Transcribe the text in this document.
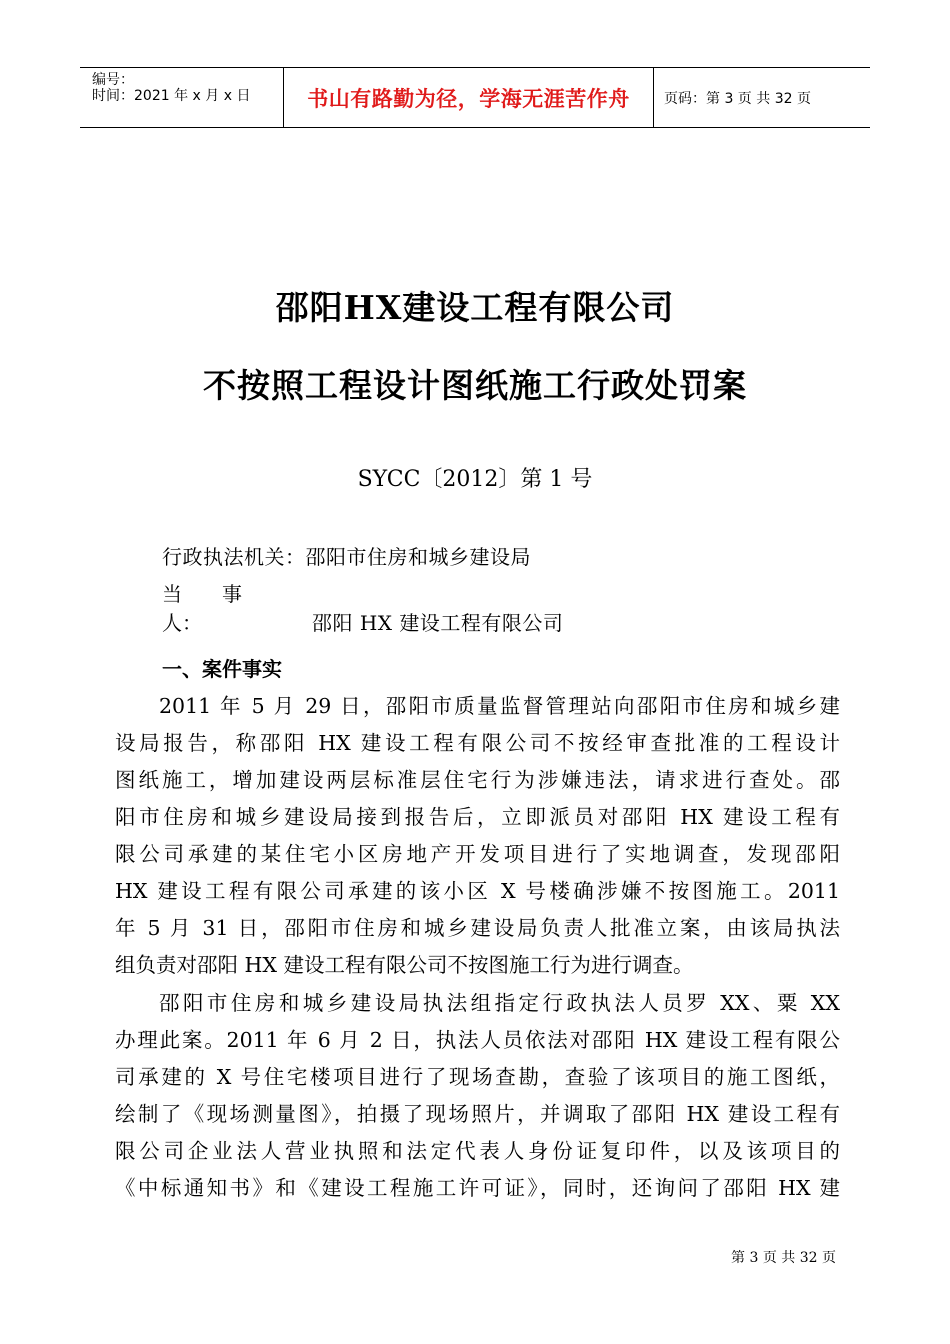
编号：
时间：2021 年 x 月 x 日	书山有路勤为径，学海无涯苦作舟 页码：第 3 页 共 32 页
邵阳HX建设工程有限公司
不按照工程设计图纸施工行政处罚案
SYCC〔2012〕第 1 号
行政执法机关：邵阳市住房和城乡建设局
当　　事　　人：	邵阳 HX 建设工程有限公司
一、案件事实
2011 年 5 月 29 日，邵阳市质量监督管理站向邵阳市住房和城乡建
设局报告，称邵阳 HX 建设工程有限公司不按经审查批准的工程设计
图纸施工，增加建设两层标准层住宅行为涉嫌违法，请求进行查处。邵
阳市住房和城乡建设局接到报告后，立即派员对邵阳 HX 建设工程有
限公司承建的某住宅小区房地产开发项目进行了实地调查，发现邵阳
HX 建设工程有限公司承建的该小区 X 号楼确涉嫌不按图施工。2011
年 5 月 31 日，邵阳市住房和城乡建设局负责人批准立案，由该局执法
组负责对邵阳 HX 建设工程有限公司不按图施工行为进行调查。
邵阳市住房和城乡建设局执法组指定行政执法人员罗 XX、粟 XX
办理此案。2011 年 6 月 2 日，执法人员依法对邵阳 HX 建设工程有限公
司承建的 X 号住宅楼项目进行了现场查勘，查验了该项目的施工图纸，
绘制了《现场测量图》，拍摄了现场照片，并调取了邵阳 HX 建设工程有
限公司企业法人营业执照和法定代表人身份证复印件，以及该项目的
《中标通知书》和《建设工程施工许可证》，同时，还询问了邵阳 HX 建
第 3 页 共 32 页
